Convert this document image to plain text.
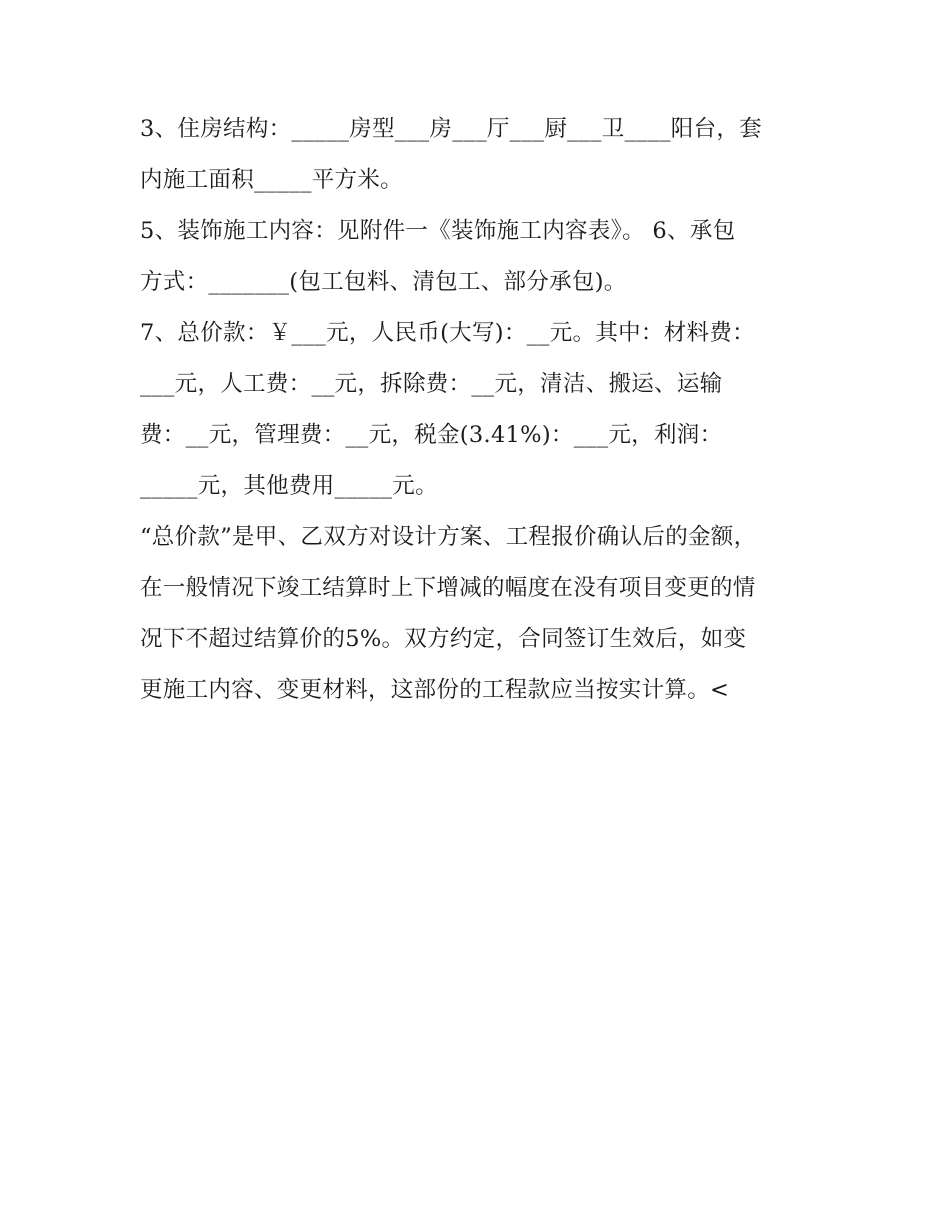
3、住房结构：_____房型___房___厅___厨___卫____阳台，套
内施工面积_____平方米。
5、装饰施工内容：见附件一《装饰施工内容表》。 6、承包
方式：_______(包工包料、清包工、部分承包)。
7、总价款：￥___元，人民币(大写)：__元。其中：材料费：
___元，人工费：__元，拆除费：__元，清洁、搬运、运输
费：__元，管理费：__元，税金(3.41%)：___元，利润：
_____元，其他费用_____元。
“总价款”是甲、乙双方对设计方案、工程报价确认后的金额，
在一般情况下竣工结算时上下增减的幅度在没有项目变更的情
况下不超过结算价的5%。双方约定，合同签订生效后，如变
更施工内容、变更材料，这部份的工程款应当按实计算。<
